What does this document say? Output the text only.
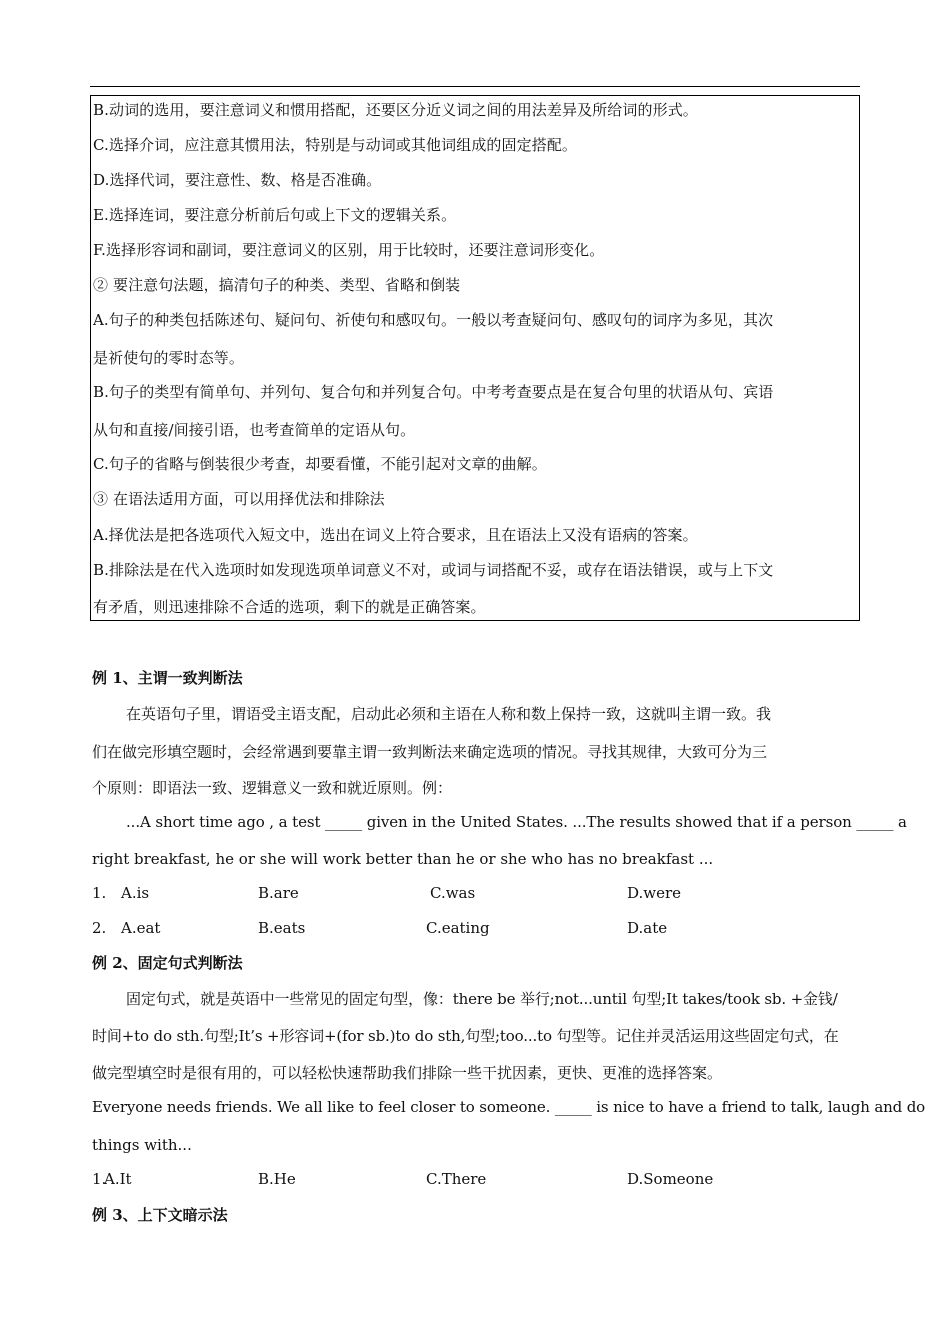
B.动词的选用，要注意词义和惯用搭配，还要区分近义词之间的用法差异及所给词的形式。
C.选择介词，应注意其惯用法，特别是与动词或其他词组成的固定搭配。
D.选择代词，要注意性、数、格是否准确。
E.选择连词，要注意分析前后句或上下文的逻辑关系。
F.选择形容词和副词，要注意词义的区别，用于比较时，还要注意词形变化。
② 要注意句法题，搞清句子的种类、类型、省略和倒装
A.句子的种类包括陈述句、疑问句、祈使句和感叹句。一般以考查疑问句、感叹句的词序为多见，其次
是祈使句的零时态等。
B.句子的类型有简单句、并列句、复合句和并列复合句。中考考查要点是在复合句里的状语从句、宾语
从句和直接/间接引语，也考查简单的定语从句。
C.句子的省略与倒装很少考查，却要看懂，不能引起对文章的曲解。
③ 在语法适用方面，可以用择优法和排除法
A.择优法是把各选项代入短文中，选出在词义上符合要求，且在语法上又没有语病的答案。
B.排除法是在代入选项时如发现选项单词意义不对，或词与词搭配不妥，或存在语法错误，或与上下文
有矛盾，则迅速排除不合适的选项，剩下的就是正确答案。
例 1、主谓一致判断法
在英语句子里，谓语受主语支配，启动此必须和主语在人称和数上保持一致，这就叫主谓一致。我
们在做完形填空题时，会经常遇到要靠主谓一致判断法来确定选项的情况。寻找其规律，大致可分为三
个原则：即语法一致、逻辑意义一致和就近原则。例：
...A short time ago , a test _____ given in the United States. ...The results showed that if a person _____ a
right breakfast, he or she will work better than he or she who has no breakfast ...
1. A.is	B.are	C.was	D.were
2. A.eat	B.eats	C.eating	D.ate
例 2、固定句式判断法
固定句式，就是英语中一些常见的固定句型，像：there be 举行;not...until 句型;It takes/took sb. +金钱/
时间+to do sth.句型;It’s +形容词+(for sb.)to do sth,句型;too...to 句型等。记住并灵活运用这些固定句式，在
做完型填空时是很有用的，可以轻松快速帮助我们排除一些干扰因素，更快、更准的选择答案。
Everyone needs friends. We all like to feel closer to someone. _____ is nice to have a friend to talk, laugh and do
things with...
1.
A.It	B.He	C.There	D.Someone
例 3、上下文暗示法
